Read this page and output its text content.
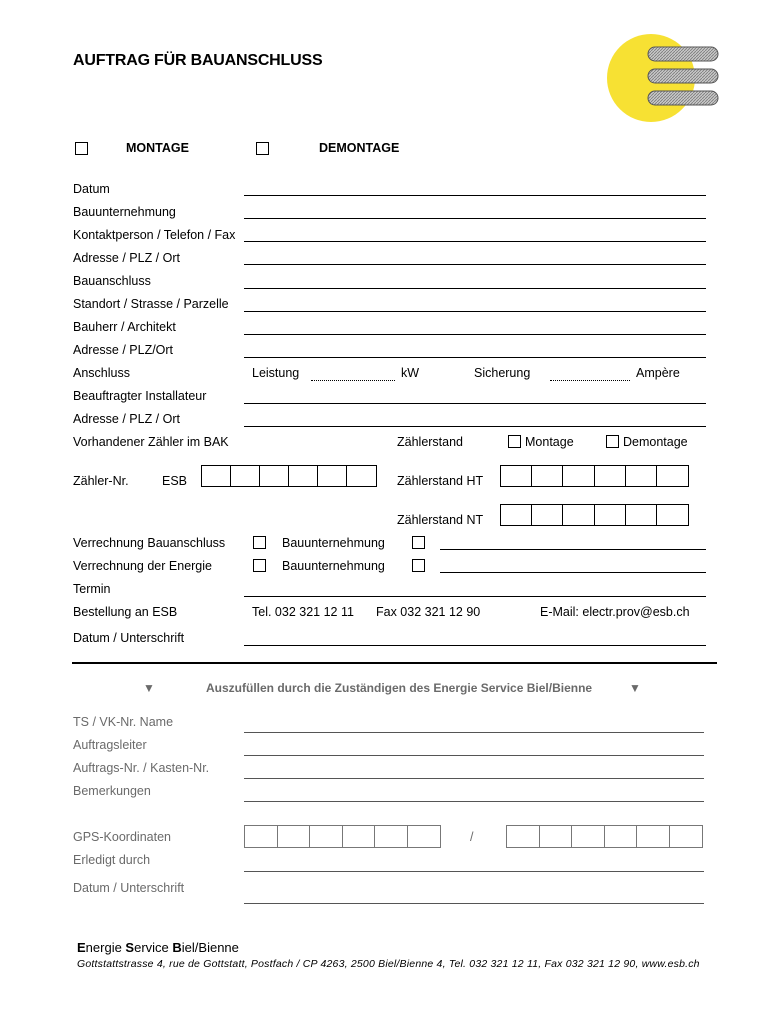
AUFTRAG FÜR BAUANSCHLUSS
MONTAGE	DEMONTAGE
Datum
Bauunternehmung
Kontaktperson / Telefon / Fax
Adresse / PLZ / Ort
Bauanschluss
Standort / Strasse / Parzelle
Bauherr / Architekt
Adresse / PLZ/Ort
Anschluss	Leistung	kW	Sicherung	Ampère
Beauftragter Installateur
Adresse / PLZ / Ort
Vorhandener Zähler im BAK	Zählerstand	Montage	Demontage
Zähler-Nr.	ESB	Zählerstand HT
Zählerstand NT
Verrechnung Bauanschluss	Bauunternehmung
Verrechnung der Energie	Bauunternehmung
Termin
Bestellung an ESB	Tel. 032 321 12 11 Fax 032 321 12 90	E-Mail: electr.prov@esb.ch
Datum / Unterschrift
▼	Auszufüllen durch die Zuständigen des Energie Service Biel/Bienne	▼
TS / VK-Nr. Name
Auftragsleiter
Auftrags-Nr. / Kasten-Nr.
Bemerkungen
GPS-Koordinaten	/
Erledigt durch
Datum / Unterschrift
Energie Service Biel/Bienne
Gottstattstrasse 4, rue de Gottstatt, Postfach / CP 4263, 2500 Biel/Bienne 4, Tel. 032 321 12 11, Fax 032 321 12 90, www.esb.ch
